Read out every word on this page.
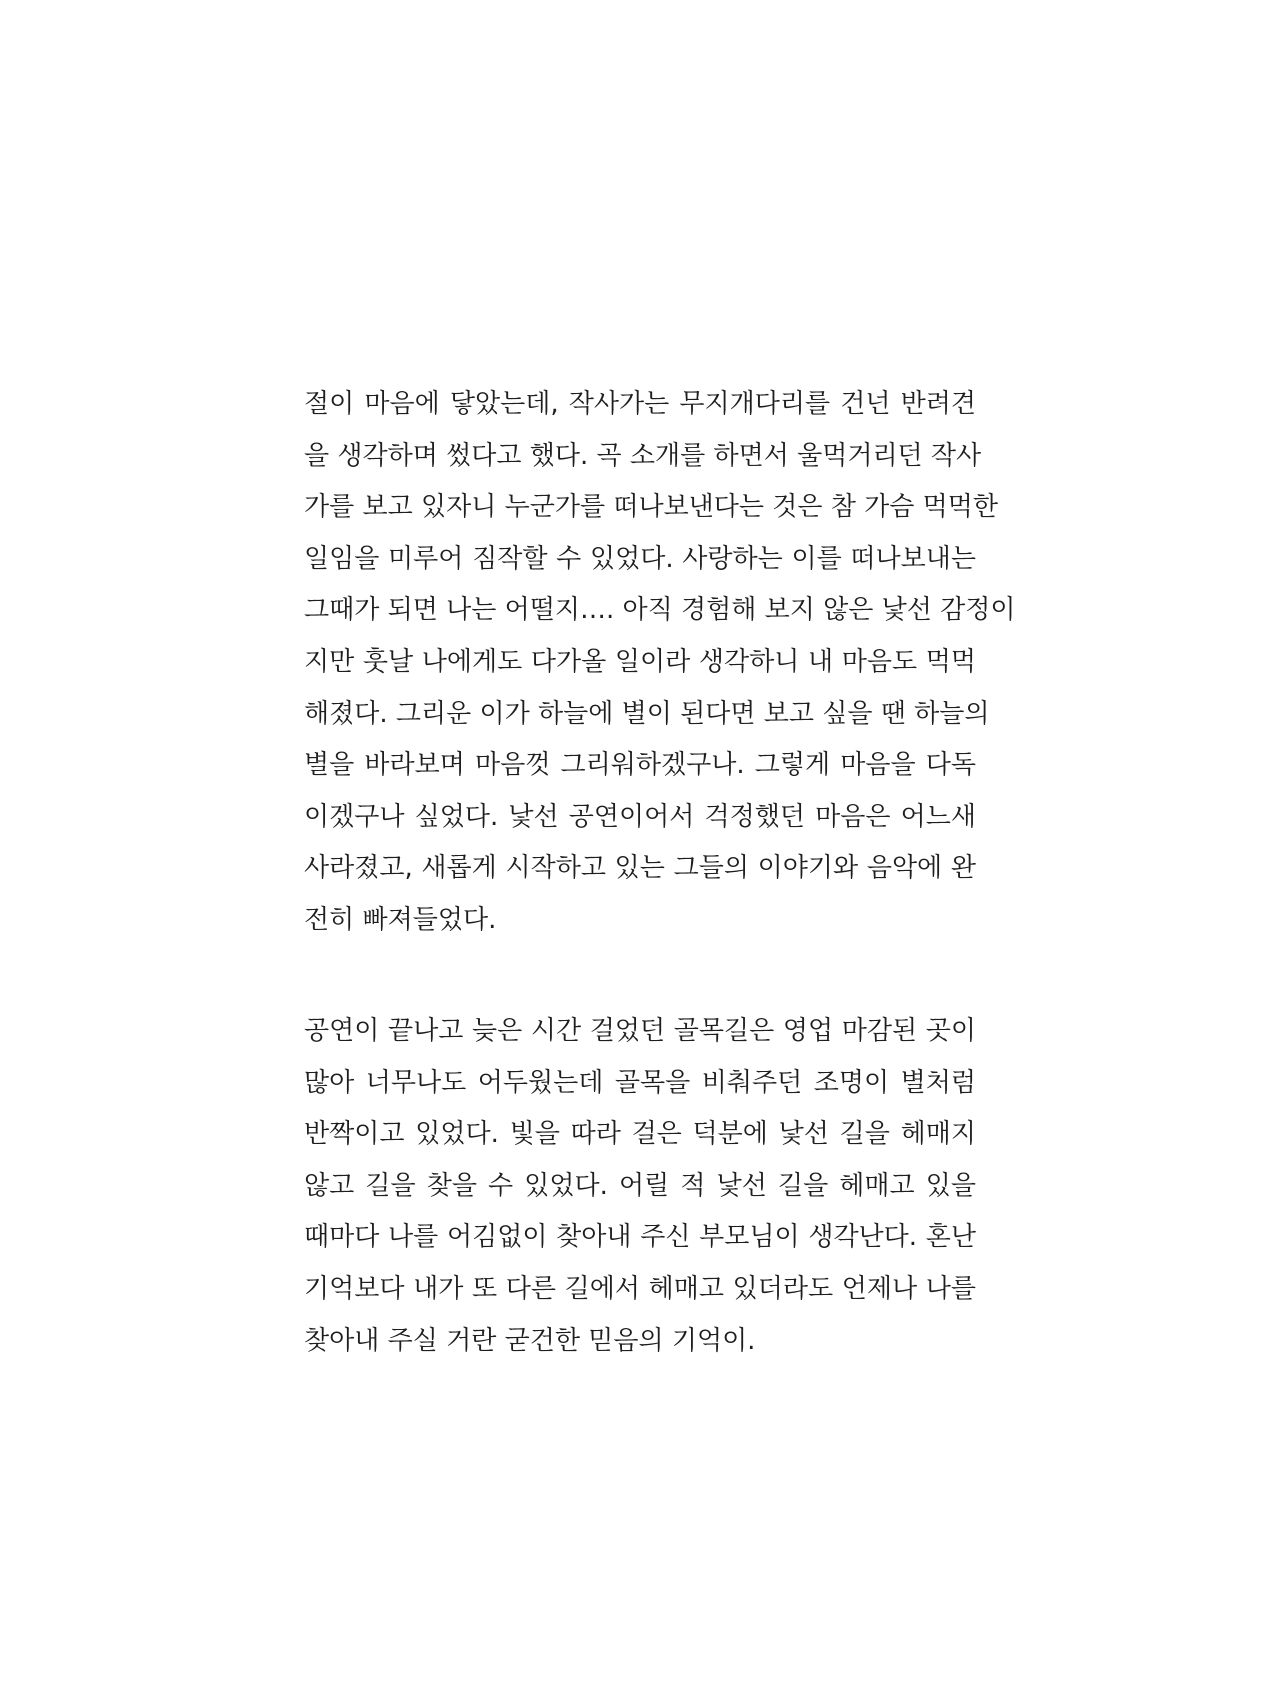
절이 마음에 닿았는데, 작사가는 무지개다리를 건넌 반려견
을 생각하며 썼다고 했다. 곡 소개를 하면서 울먹거리던 작사
가를 보고 있자니 누군가를 떠나보낸다는 것은 참 가슴 먹먹한
일임을 미루어 짐작할 수 있었다. 사랑하는 이를 떠나보내는
그때가 되면 나는 어떨지…. 아직 경험해 보지 않은 낯선 감정이
지만 훗날 나에게도 다가올 일이라 생각하니 내 마음도 먹먹
해졌다. 그리운 이가 하늘에 별이 된다면 보고 싶을 땐 하늘의
별을 바라보며 마음껏 그리워하겠구나. 그렇게 마음을 다독
이겠구나 싶었다. 낯선 공연이어서 걱정했던 마음은 어느새
사라졌고, 새롭게 시작하고 있는 그들의 이야기와 음악에 완
전히 빠져들었다.
공연이 끝나고 늦은 시간 걸었던 골목길은 영업 마감된 곳이
많아 너무나도 어두웠는데 골목을 비춰주던 조명이 별처럼
반짝이고 있었다. 빛을 따라 걸은 덕분에 낯선 길을 헤매지
않고 길을 찾을 수 있었다. 어릴 적 낯선 길을 헤매고 있을
때마다 나를 어김없이 찾아내 주신 부모님이 생각난다. 혼난
기억보다 내가 또 다른 길에서 헤매고 있더라도 언제나 나를
찾아내 주실 거란 굳건한 믿음의 기억이.
